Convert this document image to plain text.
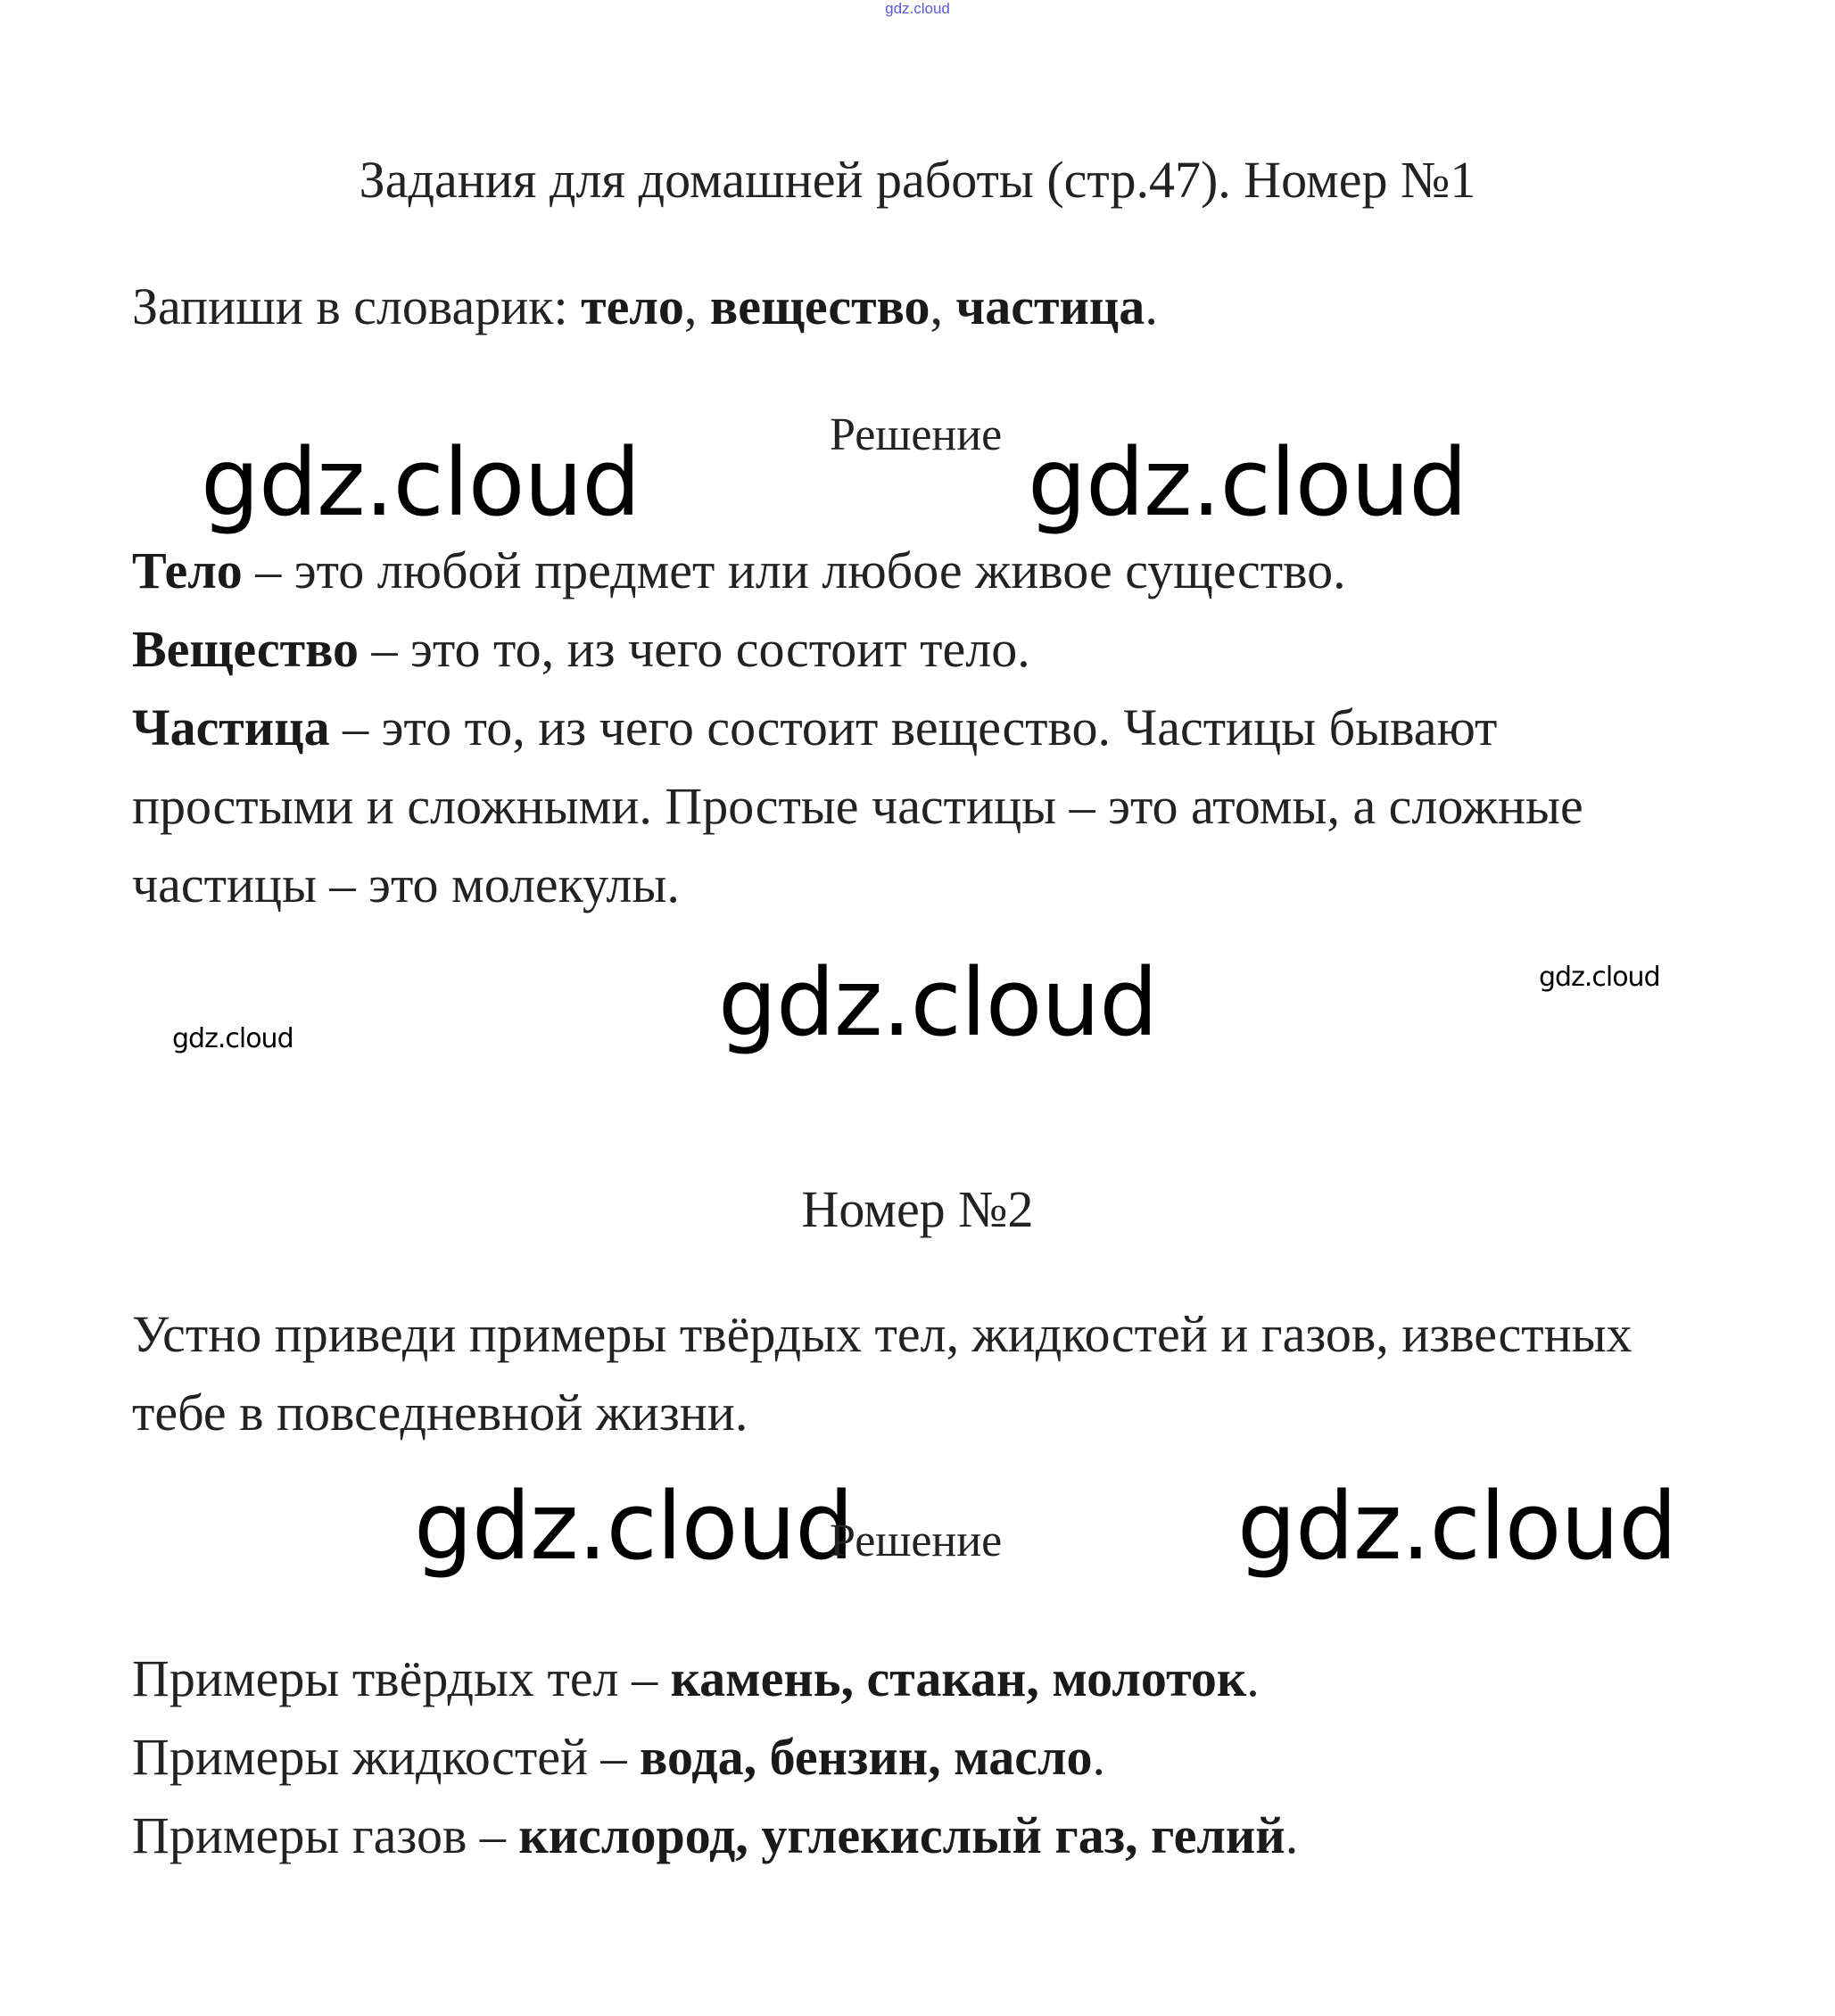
gdz.cloud
Задания для домашней работы (стр.47). Номер №1
Запиши в словарик: тело, вещество, частица.
Решение
gdz.cloud	gdz.cloud
Тело – это любой предмет или любое живое существо.
Вещество – это то, из чего состоит тело.
Частица – это то, из чего состоит вещество. Частицы бывают
простыми и сложными. Простые частицы – это атомы, а сложные
частицы – это молекулы.
gdz.cloud	gdz.cloud
gdz.cloud
Номер №2
Устно приведи примеры твёрдых тел, жидкостей и газов, известных
тебе в повседневной жизни.
gdz.cloud
Решение	gdz.cloud
Примеры твёрдых тел – камень, стакан, молоток.
Примеры жидкостей – вода, бензин, масло.
Примеры газов – кислород, углекислый газ, гелий.
